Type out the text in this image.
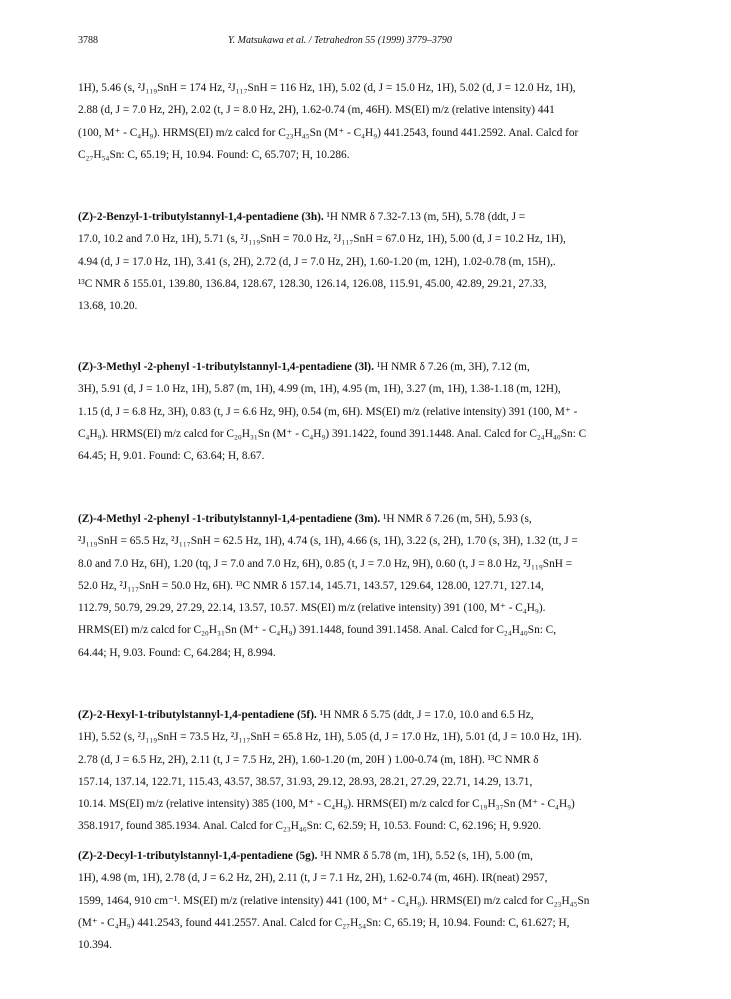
3788	Y. Matsukawa et al. / Tetrahedron 55 (1999) 3779–3790
1H), 5.46 (s, ²J₁₁₉SnH = 174 Hz, ²J₁₁₇SnH = 116 Hz, 1H), 5.02 (d, J = 15.0 Hz, 1H), 5.02 (d, J = 12.0 Hz, 1H),
2.88 (d, J = 7.0 Hz, 2H), 2.02 (t, J = 8.0 Hz, 2H), 1.62-0.74 (m, 46H). MS(EI) m/z (relative intensity) 441
(100, M⁺ - C₄H₉). HRMS(EI) m/z calcd for C₂₃H₄₅Sn (M⁺ - C₄H₉) 441.2543, found 441.2592. Anal. Calcd for
C₂₇H₅₄Sn: C, 65.19; H, 10.94. Found: C, 65.707; H, 10.286.
(Z)-2-Benzyl-1-tributylstannyl-1,4-pentadiene (3h). ¹H NMR δ 7.32-7.13 (m, 5H), 5.78 (ddt, J =
17.0, 10.2 and 7.0 Hz, 1H), 5.71 (s, ²J₁₁₉SnH = 70.0 Hz, ²J₁₁₇SnH = 67.0 Hz, 1H), 5.00 (d, J = 10.2 Hz, 1H),
4.94 (d, J = 17.0 Hz, 1H), 3.41 (s, 2H), 2.72 (d, J = 7.0 Hz, 2H), 1.60-1.20 (m, 12H), 1.02-0.78 (m, 15H),.
¹³C NMR δ 155.01, 139.80, 136.84, 128.67, 128.30, 126.14, 126.08, 115.91, 45.00, 42.89, 29.21, 27.33,
13.68, 10.20.
(Z)-3-Methyl -2-phenyl -1-tributylstannyl-1,4-pentadiene (3l). ¹H NMR δ 7.26 (m, 3H), 7.12 (m,
3H), 5.91 (d, J = 1.0 Hz, 1H), 5.87 (m, 1H), 4.99 (m, 1H), 4.95 (m, 1H), 3.27 (m, 1H), 1.38-1.18 (m, 12H),
1.15 (d, J = 6.8 Hz, 3H), 0.83 (t, J = 6.6 Hz, 9H), 0.54 (m, 6H). MS(EI) m/z (relative intensity) 391 (100, M⁺ -
C₄H₉). HRMS(EI) m/z calcd for C₂₀H₃₁Sn (M⁺ - C₄H₉) 391.1422, found 391.1448. Anal. Calcd for C₂₄H₄₀Sn: C
64.45; H, 9.01. Found: C, 63.64; H, 8.67.
(Z)-4-Methyl -2-phenyl -1-tributylstannyl-1,4-pentadiene (3m). ¹H NMR δ 7.26 (m, 5H), 5.93 (s,
²J₁₁₉SnH = 65.5 Hz, ²J₁₁₇SnH = 62.5 Hz, 1H), 4.74 (s, 1H), 4.66 (s, 1H), 3.22 (s, 2H), 1.70 (s, 3H), 1.32 (tt, J =
8.0 and 7.0 Hz, 6H), 1.20 (tq, J = 7.0 and 7.0 Hz, 6H), 0.85 (t, J = 7.0 Hz, 9H), 0.60 (t, J = 8.0 Hz, ²J₁₁₉SnH =
52.0 Hz, ²J₁₁₇SnH = 50.0 Hz, 6H). ¹³C NMR δ 157.14, 145.71, 143.57, 129.64, 128.00, 127.71, 127.14,
112.79, 50.79, 29.29, 27.29, 22.14, 13.57, 10.57. MS(EI) m/z (relative intensity) 391 (100, M⁺ - C₄H₉).
HRMS(EI) m/z calcd for C₂₀H₃₁Sn (M⁺ - C₄H₉) 391.1448, found 391.1458. Anal. Calcd for C₂₄H₄₀Sn: C,
64.44; H, 9.03. Found: C, 64.284; H, 8.994.
(Z)-2-Hexyl-1-tributylstannyl-1,4-pentadiene (5f). ¹H NMR δ 5.75 (ddt, J = 17.0, 10.0 and 6.5 Hz,
1H), 5.52 (s, ²J₁₁₉SnH = 73.5 Hz, ²J₁₁₇SnH = 65.8 Hz, 1H), 5.05 (d, J = 17.0 Hz, 1H), 5.01 (d, J = 10.0 Hz, 1H).
2.78 (d, J = 6.5 Hz, 2H), 2.11 (t, J = 7.5 Hz, 2H), 1.60-1.20 (m, 20H ) 1.00-0.74 (m, 18H). ¹³C NMR δ
157.14, 137.14, 122.71, 115.43, 43.57, 38.57, 31.93, 29.12, 28.93, 28.21, 27.29, 22.71, 14.29, 13.71,
10.14. MS(EI) m/z (relative intensity) 385 (100, M⁺ - C₄H₉). HRMS(EI) m/z calcd for C₁₉H₃₇Sn (M⁺ - C₄H₉)
358.1917, found 385.1934. Anal. Calcd for C₂₃H₄₆Sn: C, 62.59; H, 10.53. Found: C, 62.196; H, 9.920.
(Z)-2-Decyl-1-tributylstannyl-1,4-pentadiene (5g). ¹H NMR δ 5.78 (m, 1H), 5.52 (s, 1H), 5.00 (m,
1H), 4.98 (m, 1H), 2.78 (d, J = 6.2 Hz, 2H), 2.11 (t, J = 7.1 Hz, 2H), 1.62-0.74 (m, 46H). IR(neat) 2957,
1599, 1464, 910 cm⁻¹. MS(EI) m/z (relative intensity) 441 (100, M⁺ - C₄H₉). HRMS(EI) m/z calcd for C₂₃H₄₅Sn
(M⁺ - C₄H₉) 441.2543, found 441.2557. Anal. Calcd for C₂₇H₅₄Sn: C, 65.19; H, 10.94. Found: C, 61.627; H,
10.394.
